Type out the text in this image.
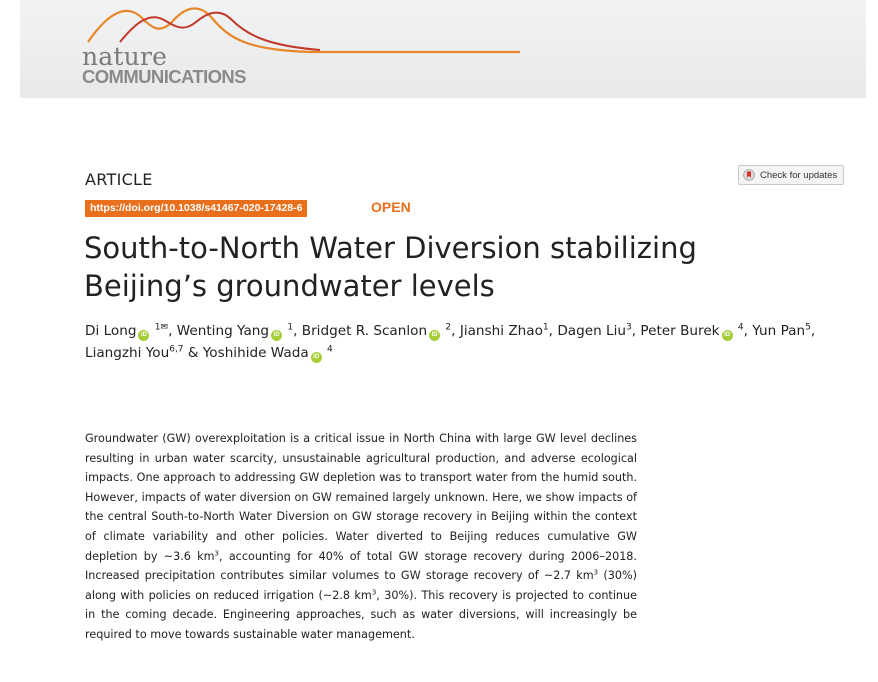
nature
COMMUNICATIONS
ARTICLE	Check for updates
https://doi.org/10.1038/s41467-020-17428-6	OPEN
South-to-North Water Diversion stabilizing
Beijing’s groundwater levels
Di Long iD $^{1✉}$, Wenting Yang iD $^1$, Bridget R. Scanlon iD $^2$, Jianshi Zhao$^1$, Dagen Liu$^3$, Peter Burek iD $^4$, Yun Pan$^5$,
Liangzhi You$^{6,7}$ & Yoshihide Wada iD $^4$
Groundwater (GW) overexploitation is a critical issue in North China with large GW level declines resulting in urban water scarcity, unsustainable agricultural production, and adverse ecological impacts. One approach to addressing GW depletion was to transport water from the humid south. However, impacts of water diversion on GW remained largely unknown. Here, we show impacts of the central South-to-North Water Diversion on GW storage recovery in Beijing within the context of climate variability and other policies. Water diverted to Beijing reduces cumulative GW depletion by ~3.6 $km^3$, accounting for 40% of total GW storage recovery during 2006–2018. Increased precipitation contributes similar volumes to GW storage recovery of ~2.7 $km^3$ (30%) along with policies on reduced irrigation (~2.8 $km^3$, 30%). This recovery is projected to continue in the coming decade. Engineering approaches, such as water diversions, will increasingly be required to move towards sustainable water management.
